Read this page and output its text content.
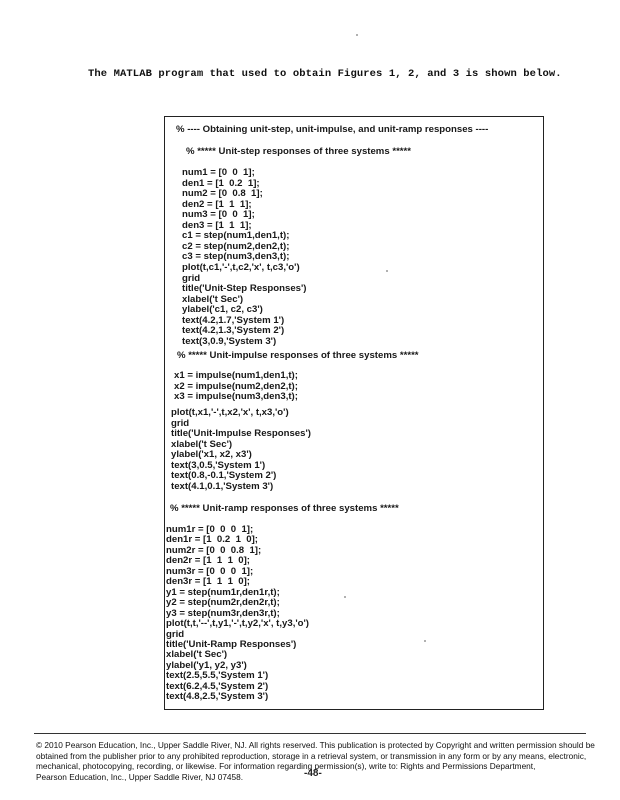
The MATLAB program that used to obtain Figures 1, 2, and 3 is shown below.
% ---- Obtaining unit-step, unit-impulse, and unit-ramp responses ----
% ***** Unit-step responses of three systems *****
num1 = [0  0  1];
den1 = [1  0.2  1];
num2 = [0  0.8  1];
den2 = [1  1  1];
num3 = [0  0  1];
den3 = [1  1  1];
c1 = step(num1,den1,t);
c2 = step(num2,den2,t);
c3 = step(num3,den3,t);
plot(t,c1,'-',t,c2,'x', t,c3,'o')
grid
title('Unit-Step Responses')
xlabel('t Sec')
ylabel('c1, c2, c3')
text(4.2,1.7,'System 1')
text(4.2,1.3,'System 2')
text(3,0.9,'System 3')
% ***** Unit-impulse responses of three systems *****
x1 = impulse(num1,den1,t);
x2 = impulse(num2,den2,t);
x3 = impulse(num3,den3,t);
plot(t,x1,'-',t,x2,'x', t,x3,'o')
grid
title('Unit-Impulse Responses')
xlabel('t Sec')
ylabel('x1, x2, x3')
text(3,0.5,'System 1')
text(0.8,-0.1,'System 2')
text(4.1,0.1,'System 3')
% ***** Unit-ramp responses of three systems *****
num1r = [0  0  0  1];
den1r = [1  0.2  1  0];
num2r = [0  0  0.8  1];
den2r = [1  1  1  0];
num3r = [0  0  0  1];
den3r = [1  1  1  0];
y1 = step(num1r,den1r,t);
y2 = step(num2r,den2r,t);
y3 = step(num3r,den3r,t);
plot(t,t,'--',t,y1,'-',t,y2,'x', t,y3,'o')
grid
title('Unit-Ramp Responses')
xlabel('t Sec')
ylabel('y1, y2, y3')
text(2.5,5.5,'System 1')
text(6.2,4.5,'System 2')
text(4.8,2.5,'System 3')
© 2010 Pearson Education, Inc., Upper Saddle River, NJ. All rights reserved. This publication is protected by Copyright and written permission should be
obtained from the publisher prior to any prohibited reproduction, storage in a retrieval system, or transmission in any form or by any means, electronic,
mechanical, photocopying, recording, or likewise. For information regarding permission(s), write to: Rights and Permissions Department,
Pearson Education, Inc., Upper Saddle River, NJ 07458.	-48-
